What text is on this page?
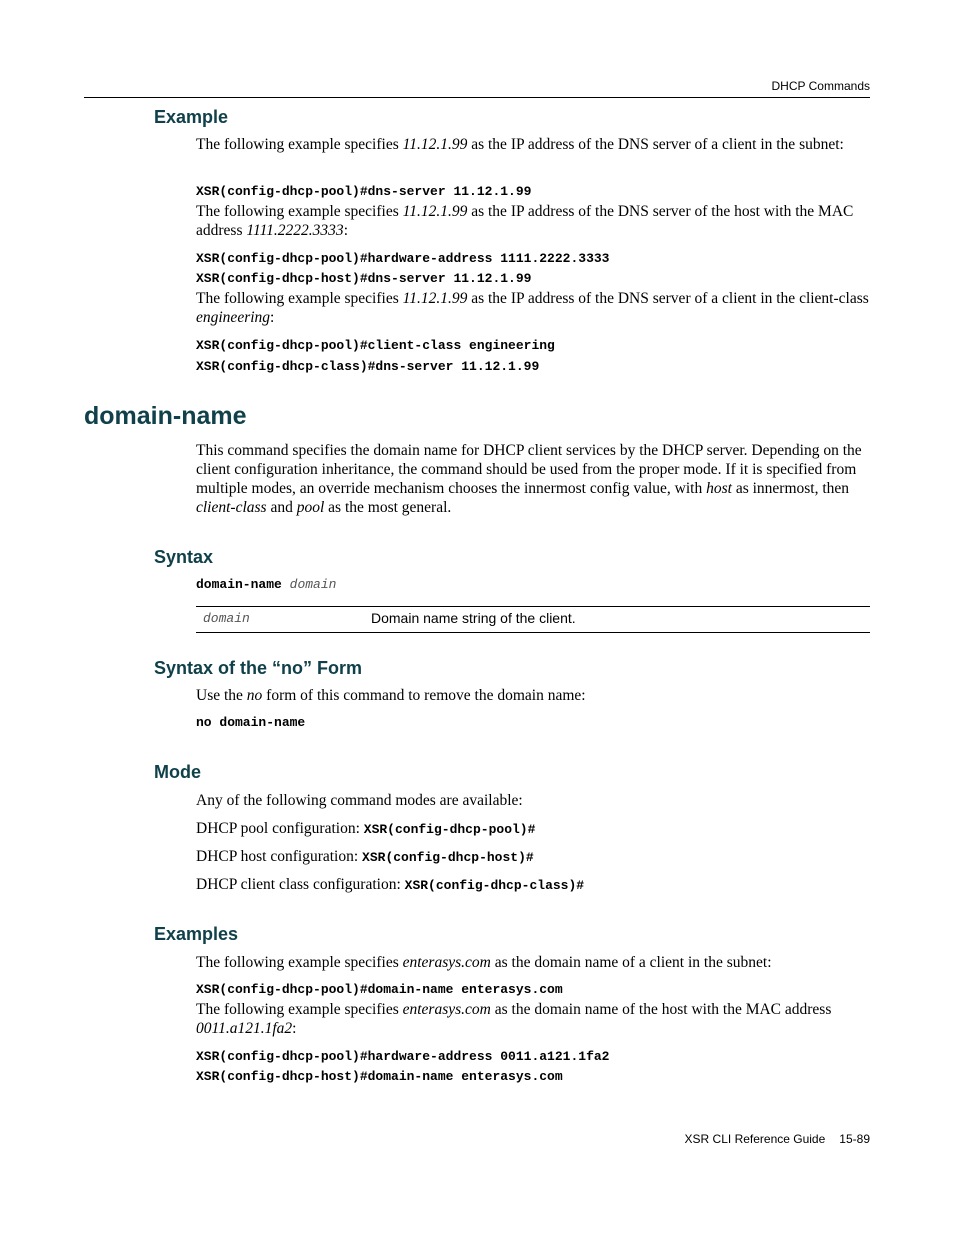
DHCP Commands
Example

The following example specifies 11.12.1.99 as the IP address of the DNS server of a client in the subnet:

XSR(config-dhcp-pool)#dns-server 11.12.1.99

The following example specifies 11.12.1.99 as the IP address of the DNS server of the host with the MAC address 1111.2222.3333:

XSR(config-dhcp-pool)#hardware-address 1111.2222.3333
XSR(config-dhcp-host)#dns-server 11.12.1.99

The following example specifies 11.12.1.99 as the IP address of the DNS server of a client in the client-class engineering:

XSR(config-dhcp-pool)#client-class engineering
XSR(config-dhcp-class)#dns-server 11.12.1.99
domain-name

This command specifies the domain name for DHCP client services by the DHCP server. Depending on the client configuration inheritance, the command should be used from the proper mode. If it is specified from multiple modes, an override mechanism chooses the innermost config value, with host as innermost, then client-class and pool as the most general.

Syntax
domain-name domain
domain	Domain name string of the client.
Syntax of the “no” Form

Use the no form of this command to remove the domain name:

no domain-name
Mode

Any of the following command modes are available:

DHCP pool configuration: XSR(config-dhcp-pool)#

DHCP host configuration: XSR(config-dhcp-host)#

DHCP client class configuration: XSR(config-dhcp-class)#

Examples

The following example specifies enterasys.com as the domain name of a client in the subnet:

XSR(config-dhcp-pool)#domain-name enterasys.com

The following example specifies enterasys.com as the domain name of the host with the MAC address 0011.a121.1fa2:

XSR(config-dhcp-pool)#hardware-address 0011.a121.1fa2
XSR(config-dhcp-host)#domain-name enterasys.com
XSR CLI Reference Guide 15-89
